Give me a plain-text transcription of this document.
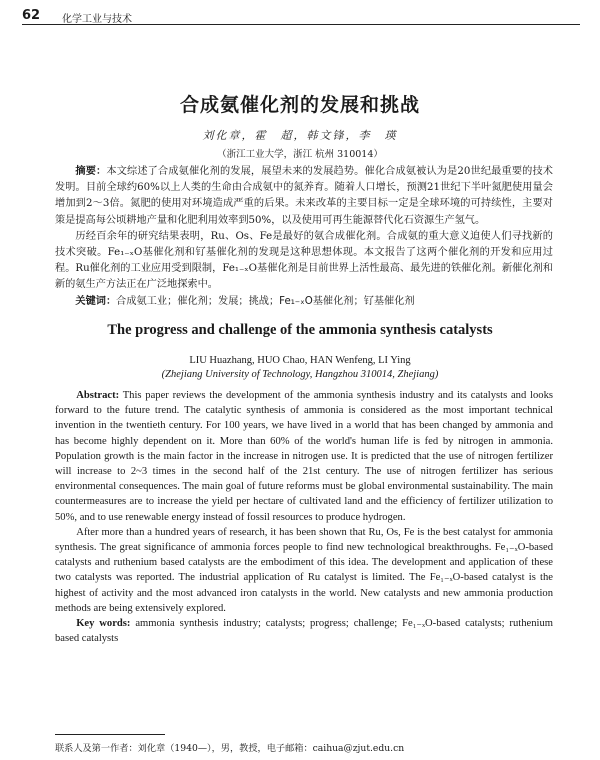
62 化学工业与技术
合成氨催化剂的发展和挑战
刘化章，霍　超，韩文锋，李　瑛
（浙江工业大学，浙江 杭州 310014）

摘要：本文综述了合成氨催化剂的发展，展望未来的发展趋势。催化合成氨被认为是20世纪最重要的技术发明。目前全球约60%以上人类的生命由合成氨中的氮养育。随着人口增长，预测21世纪下半叶氮肥使用量会增加到2～3倍。氮肥的使用对环境造成严重的后果。未来改革的主要目标一定是全球环境的可持续性，主要对策是提高每公顷耕地产量和化肥利用效率到50%，以及使用可再生能源替代化石资源生产氢气。

历经百余年的研究结果表明，Ru、Os、Fe是最好的氨合成催化剂。合成氨的重大意义迫使人们寻找新的技术突破。Fe₁₋ₓO基催化剂和钌基催化剂的发现是这种思想体现。本文报告了这两个催化剂的开发和应用过程。Ru催化剂的工业应用受到限制，Fe₁₋ₓO基催化剂是目前世界上活性最高、最先进的铁催化剂。新催化剂和新的氨生产方法正在广泛地探索中。

关键词：合成氨工业；催化剂；发展；挑战；Fe₁₋ₓO基催化剂；钌基催化剂

The progress and challenge of the ammonia synthesis catalysts
LIU Huazhang, HUO Chao, HAN Wenfeng, LI Ying
(Zhejiang University of Technology, Hangzhou 310014, Zhejiang)

Abstract: This paper reviews the development of the ammonia synthesis industry and its catalysts and looks forward to the future trend. The catalytic synthesis of ammonia is considered as the most important technical invention in the twentieth century. For 100 years, we have lived in a world that has been changed by ammonia and has become highly dependent on it. More than 60% of the world's human life is fed by nitrogen in ammonia. Population growth is the main factor in the increase in nitrogen use. It is predicted that the use of nitrogen fertilizer will increase to 2~3 times in the second half of the 21st century. The use of nitrogen fertilizer has serious environmental consequences. The main goal of future reforms must be global environmental sustainability. The main countermeasures are to increase the yield per hectare of cultivated land and the efficiency of fertilizer utilization to 50%, and to use renewable energy instead of fossil resources to produce hydrogen.

After more than a hundred years of research, it has been shown that Ru, Os, Fe is the best catalyst for ammonia synthesis. The great significance of ammonia forces people to find new technological breakthroughs. Fe₁₋ₓO-based catalysts and ruthenium based catalysts are the embodiment of this idea. The development and application of these two catalysts was reported. The industrial application of Ru catalyst is limited. The Fe₁₋ₓO-based catalyst is the highest of activity and the most advanced iron catalysts in the world. New catalysts and new ammonia production methods are being extensively explored.

Key words: ammonia synthesis industry; catalysts; progress; challenge; Fe₁₋ₓO-based catalysts; ruthenium based catalysts

联系人及第一作者：刘化章（1940—），男，教授，电子邮箱：caihua@zjut.edu.cn
